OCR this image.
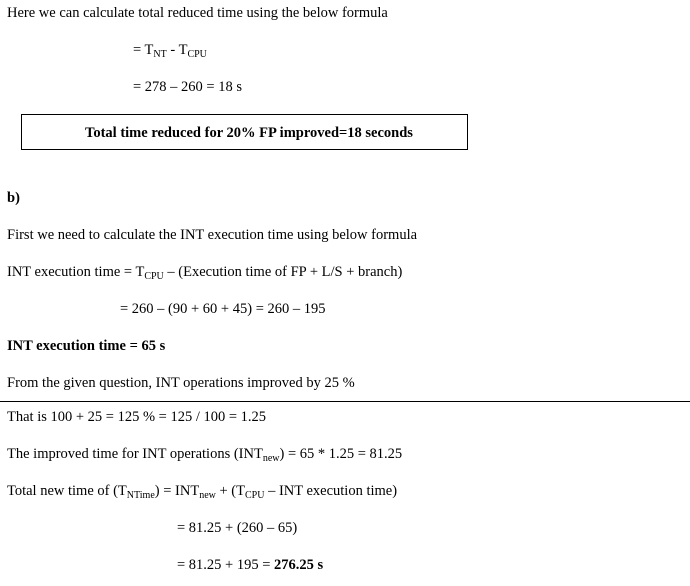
Here we can calculate total reduced time using the below formula
= $T_{NT} - T_{CPU}$
= 278 – 260 = 18 s
Total time reduced for 20% FP improved=18 seconds
b)
First we need to calculate the INT execution time using below formula
INT execution time = $T_{CPU}$ – (Execution time of FP + L/S + branch)
= 260 – (90 + 60 + 45) = 260 – 195
INT execution time = 65 s
From the given question, INT operations improved by 25 %
That is 100 + 25 = 125 % = 125 / 100 = 1.25
The improved time for INT operations $(INT_{new}) = 65 * 1.25 = 81.25$
Total new time of $(T_{NTime}) = INT_{new} + (T_{CPU}$ – INT execution time)
= 81.25 + (260 – 65)
= 81.25 + 195 = 276.25 s
